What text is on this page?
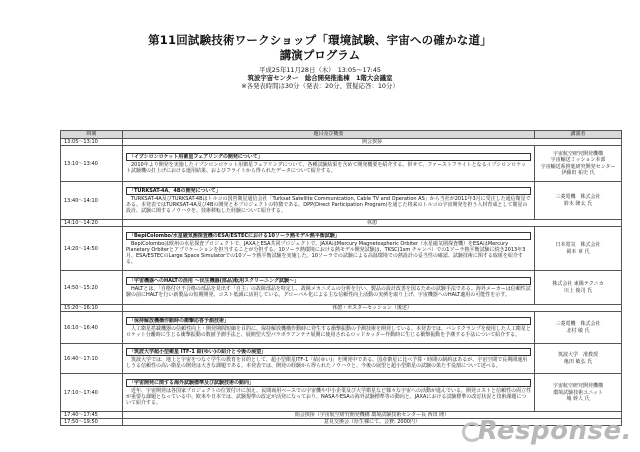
第11回試験技術ワークショップ「環境試験、宇宙への確かな道」
講演プログラム
平成25年11月28日（木）　13:05～17:45
筑波宇宙センター　総合開発推進棟　1階大会議室
※各発表時間は30分（発表：20分、質疑応答：10分）
時間	題目及び概要	講演者
13:05～13:10	開会挨拶	
13:10～13:40	「イプシロンロケット用衛星フェアリングの開発について」
2010年より開発を実施したイプシロンロケット用衛星フェアリングについて、各種試験結果を含めて開発概要を紹介する。併せて、ファーストフライトとなるイプシロンロケット試験機の打上げにおける運用結果、およびフライトから得られたデータについて紹介する。	宇宙航空研究開発機構
宇宙輸送ミッション本部
宇宙輸送系推進研究開発センター
伊藤田 祐史 氏
13:40～14:10	「TURKSAT-4A、4Bの開発について」
TURKSAT-4A及びTURKSAT-4Bはトルコの国営衛星通信会社「Turksat Satellite Communication, Cable TV and Operation AS」から当社が2011年3月に受注した通信衛星である。本発表ではTURKSAT-4A及び4Bの開発と本プロジェクトの特徴である、DPP(Direct Participation Program)を通じた将来のトルコの宇宙開発を担う人材育成として衛星の設計、試験に関するノウハウを、技術移転した経験について紹介する。	三菱電機　株式会社
鈴木 隆太 氏
14:10～14:20	休憩	
14:20～14:50	「BepiColombo/水星磁気圏探査機のESA/ESTECにおける10ソーラ熱モデル熱平衡試験」
BepiColomboは欧州の水星探査プロジェクトで、JAXAとESA共同プロジェクトで、JAXAはMercury Magnetospheric Orbiter（水星磁気圏探査機）をESAはMercury Planetary Orbiterとアプリケーションを担当することが分担する。10ソーラ熱環境における熱モデル開発試験は、TKSC(1sm チャンバ）での1ソーラ熱平衡試験に続き2013年3月、ESA/ESTECのLarge Space Simulatorでの10ソーラ熱平衡試験を実施した。10ソーラでの試験による高温環境での熱設計の妥当性の確認、試験技術に関する取組を紹介する。	日本電気　株式会社
岡本 章 氏
14:50～15:20	「宇宙機器へのHALTの活用 ～民生機器(部品)転用スクリーニング試験～」
HALTとは、「自格付け不合格の部品を見出す「自主」の故障部品を特定し、故障メカニズムの分析を行い、製品の設計改善を図るための試験手法である。海外メーカーは信頼性試験の前にHALTを行い新製品の短期開発、コスト低減に活用している。グローバル化による主な信頼性向上活動の実例を取り上げ、宇宙機器へのHALT適用の可能性を示す。	株式会社 東陽テクニカ
川上 俊司 氏
15:20～16:10	休憩・ポスターセッション（後述）	
16:10～16:40	「保持解放機構作動時の衝撃応答予測技術」
人工衛星搭載機器の信頼性向上・開発期間短縮を目的に、保持解放機構作動時に発生する衝撃振動の予測技術を開発している。本発表では、バンドクランプを使用した人工衛星とロケット分離時に生じる衝撃振動の数値予測手法と、展開型大型パラボラアンテナ展開に使用されるロッドカッター作動時に生じる衝撃振動を予測する手法について紹介する。	三菱電機　株式会社
北村 敏 氏
16:40～17:10	「筑波大学超小型衛星 ITF-1 結(ゆい)の紹介と今後の展望」
筑波大学では、地上と宇宙をつなぐ学生の教育を目的として、超小型衛星ITF-1「結(ゆい)」を開発中である。国産衛星に比べ予算・時間の制約はあるが、宇宙空間で長期間運用しうる信頼性の高い衛星の開発は大きな課題である。本発表では、開発の経験から得られたノウハウと、今後の展望と超小型衛星の試験の果たす役割について述べる。	筑波大学　准教授
亀田 敏弘 氏
17:10～17:40	「宇宙開発に関する海外試験標準及び試験技術の動向」
近年、宇宙開発は各国家プロジェクトの位置付けに加え、民間商用ベースでの宇宙機や中小企業及び大学衛星など様々な宇宙への活動が進んでいる。開発コストと信頼性の両立性が重要な課題となっている中、欧米や日本では、試験規準の改定が活発になっており、NASAやESAの海外試験標準等の動向と、JAXAにおける試験標準の改訂状況と技術課題について紹介する。	宇宙航空研究開発機構
環境試験技術ユニット
城 幹人 氏
17:40～17:45	閉会挨拶（宇宙航空研究開発機構 環境試験技術センター長 西田 隆）	
17:50～19:50	意見交換会（厚生棟にて、会費: 2000円）	Response.
